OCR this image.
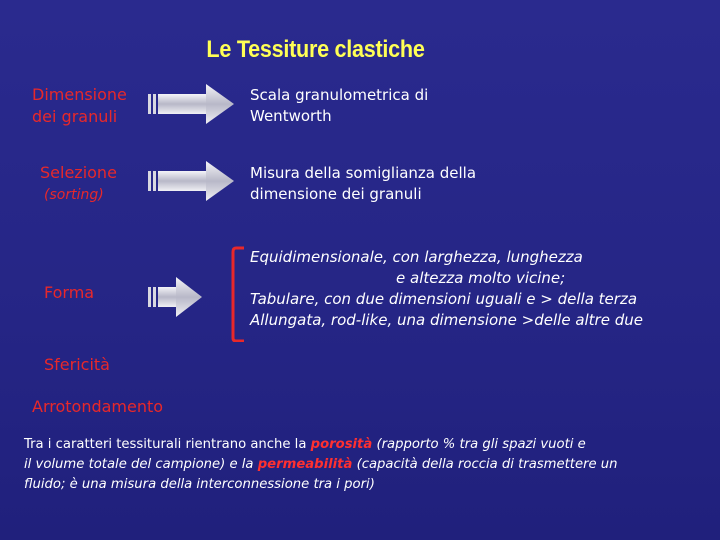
Le Tessiture clastiche
Dimensione
dei granuli
Scala granulometrica di
Wentworth
Selezione
(sorting)
Misura della somiglianza della
dimensione dei granuli
Forma
Equidimensionale, con larghezza, lunghezza
e altezza molto vicine;
Tabulare, con due dimensioni uguali e > della terza
Allungata, rod-like, una dimensione >delle altre due
Sfericità
Arrotondamento
Tra i caratteri tessiturali rientrano anche la porosità (rapporto % tra gli spazi vuoti e
il volume totale del campione) e la permeabilità (capacità della roccia di trasmettere un
fluido; è una misura della interconnessione tra i pori)
